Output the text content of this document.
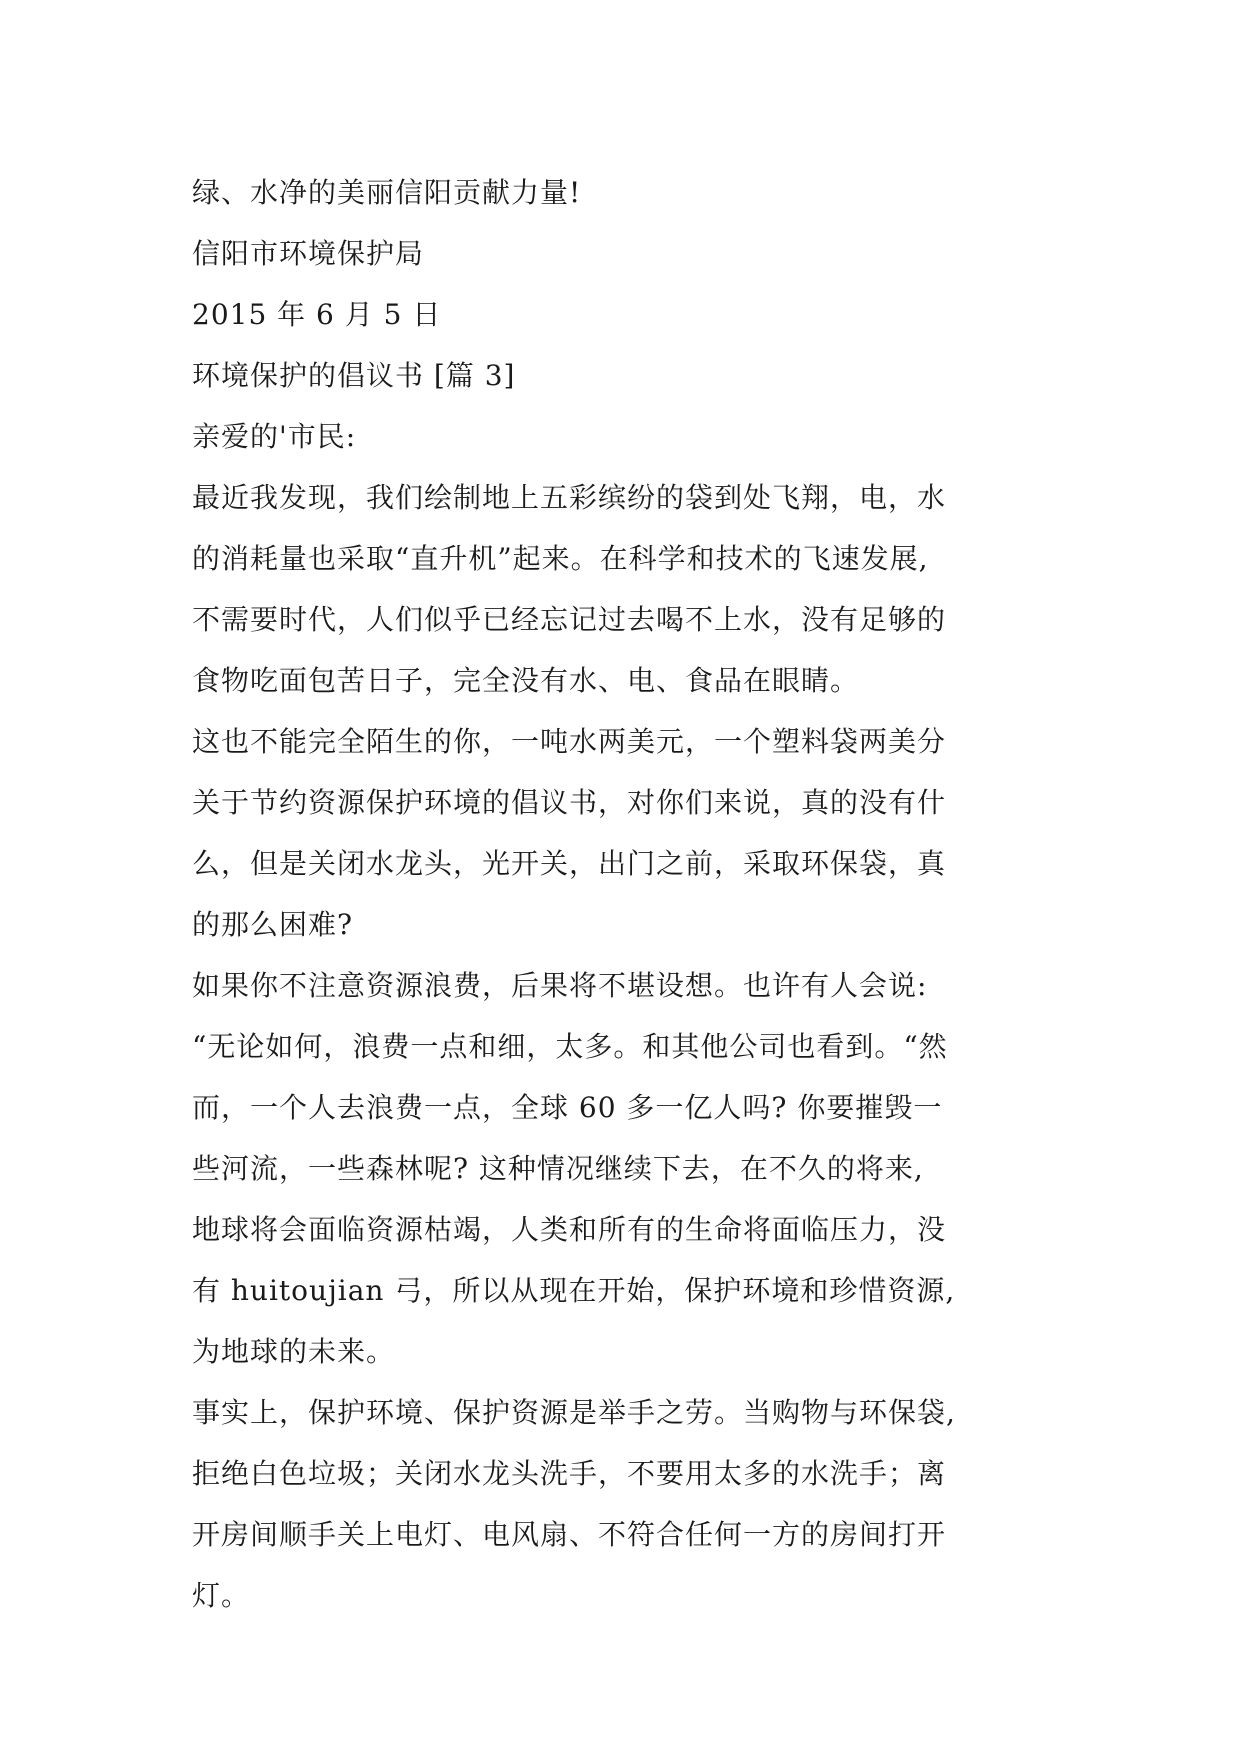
绿、水净的美丽信阳贡献力量!
信阳市环境保护局
2015 年 6 月 5 日
环境保护的倡议书 [篇 3]
亲爱的'市民:
最近我发现，我们绘制地上五彩缤纷的袋到处飞翔，电，水
的消耗量也采取“直升机”起来。在科学和技术的飞速发展,
不需要时代，人们似乎已经忘记过去喝不上水，没有足够的
食物吃面包苦日子，完全没有水、电、食品在眼睛。
这也不能完全陌生的你，一吨水两美元，一个塑料袋两美分
关于节约资源保护环境的倡议书，对你们来说，真的没有什
么，但是关闭水龙头，光开关，出门之前，采取环保袋，真
的那么困难?
如果你不注意资源浪费，后果将不堪设想。也许有人会说:
“无论如何，浪费一点和细，太多。和其他公司也看到。“然
而，一个人去浪费一点，全球 60 多一亿人吗? 你要摧毁一
些河流，一些森林呢? 这种情况继续下去，在不久的将来,
地球将会面临资源枯竭，人类和所有的生命将面临压力，没
有 huitoujian 弓，所以从现在开始，保护环境和珍惜资源,
为地球的未来。
事实上，保护环境、保护资源是举手之劳。当购物与环保袋,
拒绝白色垃圾；关闭水龙头洗手，不要用太多的水洗手；离
开房间顺手关上电灯、电风扇、不符合任何一方的房间打开
灯。
